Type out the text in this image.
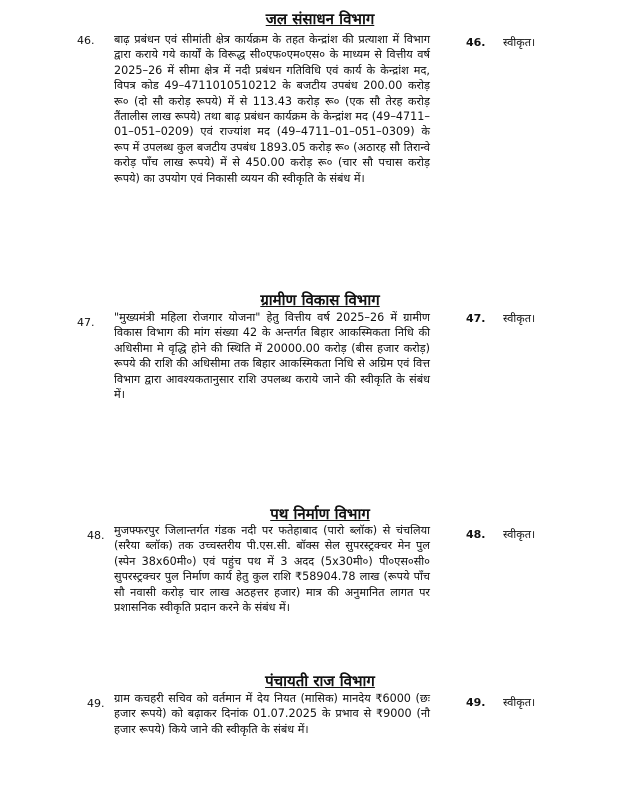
जल संसाधन विभाग
46. बाढ़ प्रबंधन एवं सीमांती क्षेत्र कार्यक्रम के तहत केन्द्रांश की प्रत्याशा में विभाग द्वारा कराये गये कार्यों के विरूद्ध सी०एफ०एम०एस० के माध्यम से वित्तीय वर्ष 2025–26 में सीमा क्षेत्र में नदी प्रबंधन गतिविधि एवं कार्य के केन्द्रांश मद, विपत्र कोड 49–4711010510212 के बजटीय उपबंध 200.00 करोड़ रू० (दो सौ करोड़ रूपये) में से 113.43 करोड़ रू० (एक सौ तेरह करोड़ तैंतालीस लाख रूपये) तथा बाढ़ प्रबंधन कार्यक्रम के केन्द्रांश मद (49–4711–01–051–0209) एवं राज्यांश मद (49–4711–01–051–0309) के रूप में उपलब्ध कुल बजटीय उपबंध 1893.05 करोड़ रू० (अठारह सौ तिरान्वे करोड़ पाँच लाख रूपये) में से 450.00 करोड़ रू० (चार सौ पचास करोड़ रूपये) का उपयोग एवं निकासी व्ययन की स्वीकृति के संबंध में।
46. स्वीकृत।
ग्रामीण विकास विभाग
47. "मुख्यमंत्री महिला रोजगार योजना" हेतु वित्तीय वर्ष 2025–26 में ग्रामीण विकास विभाग की मांग संख्या 42 के अन्तर्गत बिहार आकस्मिकता निधि की अधिसीमा मे वृद्धि होने की स्थिति में 20000.00 करोड़ (बीस हजार करोड़) रूपये की राशि की अधिसीमा तक बिहार आकस्मिकता निधि से अग्रिम एवं वित्त विभाग द्वारा आवश्यकतानुसार राशि उपलब्ध कराये जाने की स्वीकृति के संबंध में।
47. स्वीकृत।
पथ निर्माण विभाग
48. मुजफ्फरपुर जिलान्तर्गत गंडक नदी पर फतेहाबाद (पारो ब्लॉक) से चंचलिया (सरैया ब्लॉक) तक उच्चस्तरीय पी.एस.सी. बॉक्स सेल सुपरस्ट्रक्चर मेन पुल (स्पेन 38x60मी०) एवं पहुंच पथ में 3 अदद (5x30मी०) पी०एस०सी० सुपरस्ट्रक्चर पुल निर्माण कार्य हेतु कुल राशि ₹58904.78 लाख (रूपये पाँच सौ नवासी करोड़ चार लाख अठहत्तर हजार) मात्र की अनुमानित लागत पर प्रशासनिक स्वीकृति प्रदान करने के संबंध में।
48. स्वीकृत।
पंचायती राज विभाग
49. ग्राम कचहरी सचिव को वर्तमान में देय नियत (मासिक) मानदेय ₹6000 (छः हजार रूपये) को बढ़ाकर दिनांक 01.07.2025 के प्रभाव से ₹9000 (नौ हजार रूपये) किये जाने की स्वीकृति के संबंध में।
49. स्वीकृत।
